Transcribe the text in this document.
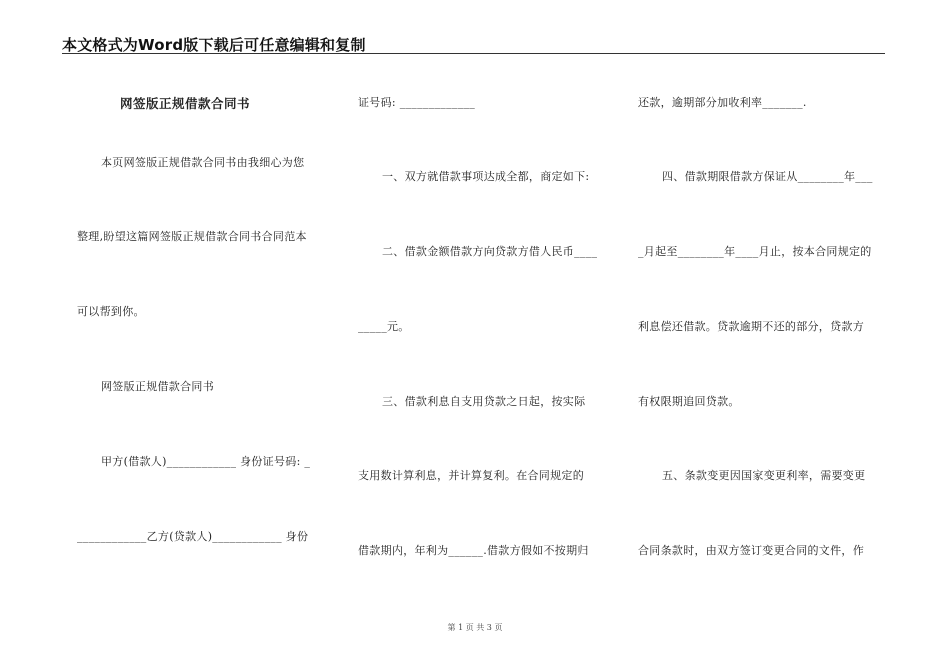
本文格式为Word版下载后可任意编辑和复制
网签版正规借款合同书
本页网签版正规借款合同书由我细心为您
整理,盼望这篇网签版正规借款合同书合同范本
可以帮到你。
网签版正规借款合同书
甲方(借款人)____________ 身份证号码: _
____________乙方(贷款人)____________ 身份
证号码: _____________
一、双方就借款事项达成全都，商定如下:
二、借款金额借款方向贷款方借人民币____
_____元。
三、借款利息自支用贷款之日起，按实际
支用数计算利息，并计算复利。在合同规定的
借款期内，年利为______.借款方假如不按期归
还款，逾期部分加收利率_______.
四、借款期限借款方保证从________年___
_月起至________年____月止，按本合同规定的
利息偿还借款。贷款逾期不还的部分，贷款方
有权限期追回贷款。
五、条款变更因国家变更利率，需要变更
合同条款时，由双方签订变更合同的文件，作
第 1 页 共 3 页
